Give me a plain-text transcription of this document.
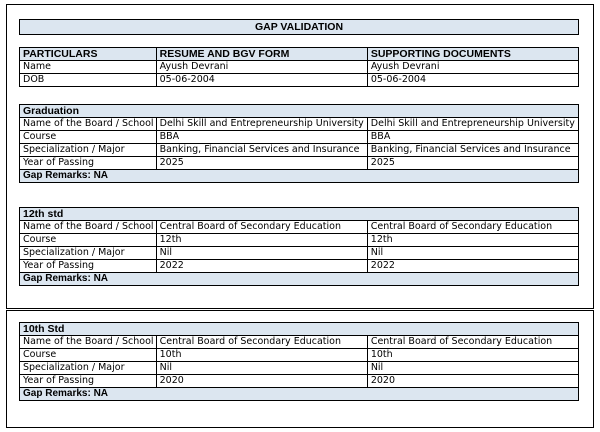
GAP VALIDATION
PARTICULARS	RESUME AND BGV FORM	SUPPORTING DOCUMENTS
Name	Ayush Devrani	Ayush Devrani
DOB	05-06-2004	05-06-2004
Graduation		
Name of the Board / School	Delhi Skill and Entrepreneurship University	Delhi Skill and Entrepreneurship University
Course	BBA	BBA
Specialization / Major	Banking, Financial Services and Insurance	Banking, Financial Services and Insurance
Year of Passing	2025	2025
Gap Remarks: NA		
12th std		
Name of the Board / School	Central Board of Secondary Education	Central Board of Secondary Education
Course	12th	12th
Specialization / Major	Nil	Nil
Year of Passing	2022	2022
Gap Remarks: NA		
10th Std		
Name of the Board / School	Central Board of Secondary Education	Central Board of Secondary Education
Course	10th	10th
Specialization / Major	Nil	Nil
Year of Passing	2020	2020
Gap Remarks: NA		
